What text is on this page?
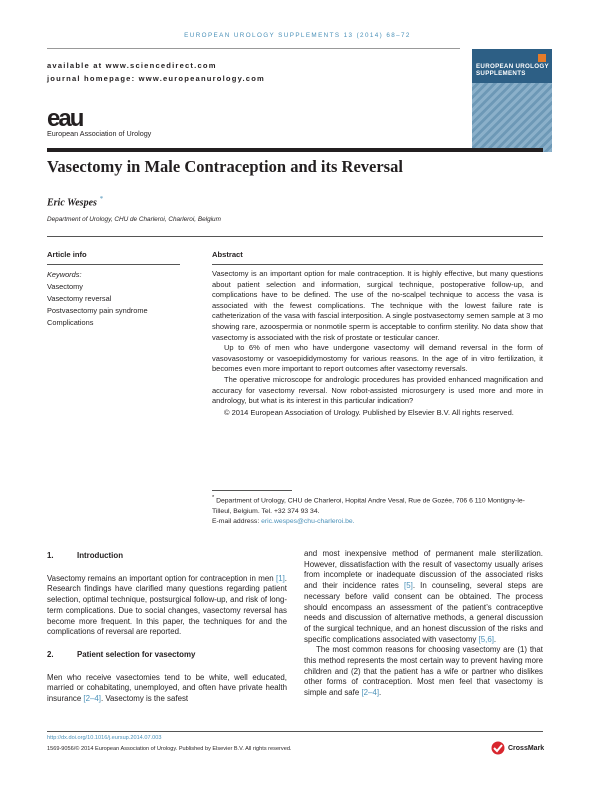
EUROPEAN UROLOGY SUPPLEMENTS 13 (2014) 68–72
available at www.sciencedirect.com
journal homepage: www.europeanurology.com
EUROPEAN UROLOGY SUPPLEMENTS
eau
European Association of Urology
Vasectomy in Male Contraception and its Reversal
Eric Wespes *
Department of Urology, CHU de Charleroi, Charleroi, Belgium
Article info	Abstract
Keywords:
Vasectomy
Vasectomy reversal
Postvasectomy pain syndrome
Complications

Vasectomy is an important option for male contraception. It is highly effective, but many questions about patient selection and information, surgical technique, postoperative follow-up, and complications have to be defined. The use of the no-scalpel technique to access the vasa is associated with the fewest complications. The technique with the lowest failure rate is catheterization of the vasa with fascial interposition. A single postvasectomy semen sample at 3 mo showing rare, azoospermia or nonmotile sperm is acceptable to confirm sterility. No data show that vasectomy is associated with the risk of prostate or testicular cancer.

Up to 6% of men who have undergone vasectomy will demand reversal in the form of vasovasostomy or vasoepididymostomy for various reasons. In the age of in vitro fertilization, it becomes even more important to report outcomes after vasectomy reversals.

The operative microscope for andrologic procedures has provided enhanced magnification and accuracy for vasectomy reversal. Now robot-assisted microsurgery is used more and more in andrology, but what is its interest in this particular indication?

© 2014 European Association of Urology. Published by Elsevier B.V. All rights reserved.

* Department of Urology, CHU de Charleroi, Hopital Andre Vesal, Rue de Gozée, 706 6 110 Montigny-le-Tilleul, Belgium. Tel. +32 374 93 34.
E-mail address: eric.wespes@chu-charleroi.be.
1.	Introduction

Vasectomy remains an important option for contraception in men [1]. Research findings have clarified many questions regarding patient selection, optimal technique, postsurgical follow-up, and risk of long-term complications. Due to social changes, vasectomy reversal has become more frequent. In this paper, the techniques for and the complications of reversal are reported.

2.	Patient selection for vasectomy

Men who receive vasectomies tend to be white, well educated, married or cohabitating, unemployed, and often have private health insurance [2–4]. Vasectomy is the safest

and most inexpensive method of permanent male sterilization. However, dissatisfaction with the result of vasectomy usually arises from incomplete or inadequate discussion of the associated risks and their incidence rates [5]. In counseling, several steps are necessary before valid consent can be obtained. The process should encompass an assessment of the patient’s contraceptive needs and discussion of alternative methods, a general discussion of the surgical technique, and an honest discussion of the risks and specific complications associated with vasectomy [5,6].

The most common reasons for choosing vasectomy are (1) that this method represents the most certain way to prevent having more children and (2) that the patient has a wife or partner who dislikes other forms of contraception. Most men feel that vasectomy is simple and safe [2–4].

http://dx.doi.org/10.1016/j.eursup.2014.07.003
1569-9056/© 2014 European Association of Urology. Published by Elsevier B.V. All rights reserved.	CrossMark
